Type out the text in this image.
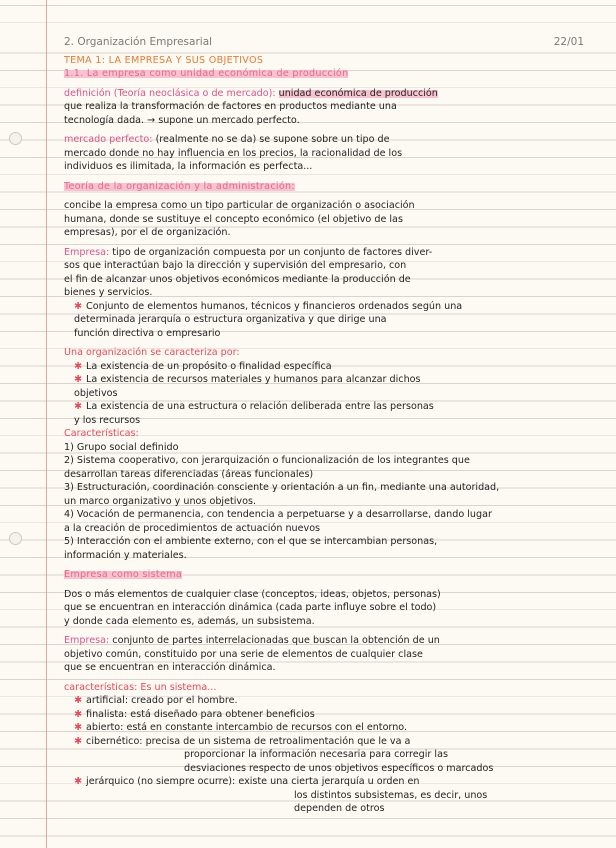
2. Organización Empresarial	22/01
TEMA 1: LA EMPRESA Y SUS OBJETIVOS
1.1. La empresa como unidad económica de producción
definición (Teoría neoclásica o de mercado): unidad económica de producción
que realiza la transformación de factores en productos mediante una
tecnología dada. → supone un mercado perfecto.
mercado perfecto: (realmente no se da) se supone sobre un tipo de
mercado donde no hay influencia en los precios, la racionalidad de los
individuos es ilimitada, la información es perfecta...
Teoría de la organización y la administración:
concibe la empresa como un tipo particular de organización o asociación
humana, donde se sustituye el concepto económico (el objetivo de las
empresas), por el de organización.
Empresa: tipo de organización compuesta por un conjunto de factores diver-
sos que interactúan bajo la dirección y supervisión del empresario, con
el fin de alcanzar unos objetivos económicos mediante la producción de
bienes y servicios.
✱ Conjunto de elementos humanos, técnicos y financieros ordenados según una
determinada jerarquía o estructura organizativa y que dirige una
función directiva o empresario
Una organización se caracteriza por:
✱ La existencia de un propósito o finalidad específica
✱ La existencia de recursos materiales y humanos para alcanzar dichos
objetivos
✱ La existencia de una estructura o relación deliberada entre las personas
y los recursos
Características:
1) Grupo social definido
2) Sistema cooperativo, con jerarquización o funcionalización de los integrantes que
desarrollan tareas diferenciadas (áreas funcionales)
3) Estructuración, coordinación consciente y orientación a un fin, mediante una autoridad,
un marco organizativo y unos objetivos.
4) Vocación de permanencia, con tendencia a perpetuarse y a desarrollarse, dando lugar
a la creación de procedimientos de actuación nuevos
5) Interacción con el ambiente externo, con el que se intercambian personas,
información y materiales.
Empresa como sistema
Dos o más elementos de cualquier clase (conceptos, ideas, objetos, personas)
que se encuentran en interacción dinámica (cada parte influye sobre el todo)
y donde cada elemento es, además, un subsistema.
Empresa: conjunto de partes interrelacionadas que buscan la obtención de un
objetivo común, constituido por una serie de elementos de cualquier clase
que se encuentran en interacción dinámica.
características: Es un sistema...
✱ artificial: creado por el hombre.
✱ finalista: está diseñado para obtener beneficios
✱ abierto: está en constante intercambio de recursos con el entorno.
✱ cibernético: precisa de un sistema de retroalimentación que le va a
proporcionar la información necesaria para corregir las
desviaciones respecto de unos objetivos específicos o marcados
✱ jerárquico (no siempre ocurre): existe una cierta jerarquía u orden en
los distintos subsistemas, es decir, unos
dependen de otros
